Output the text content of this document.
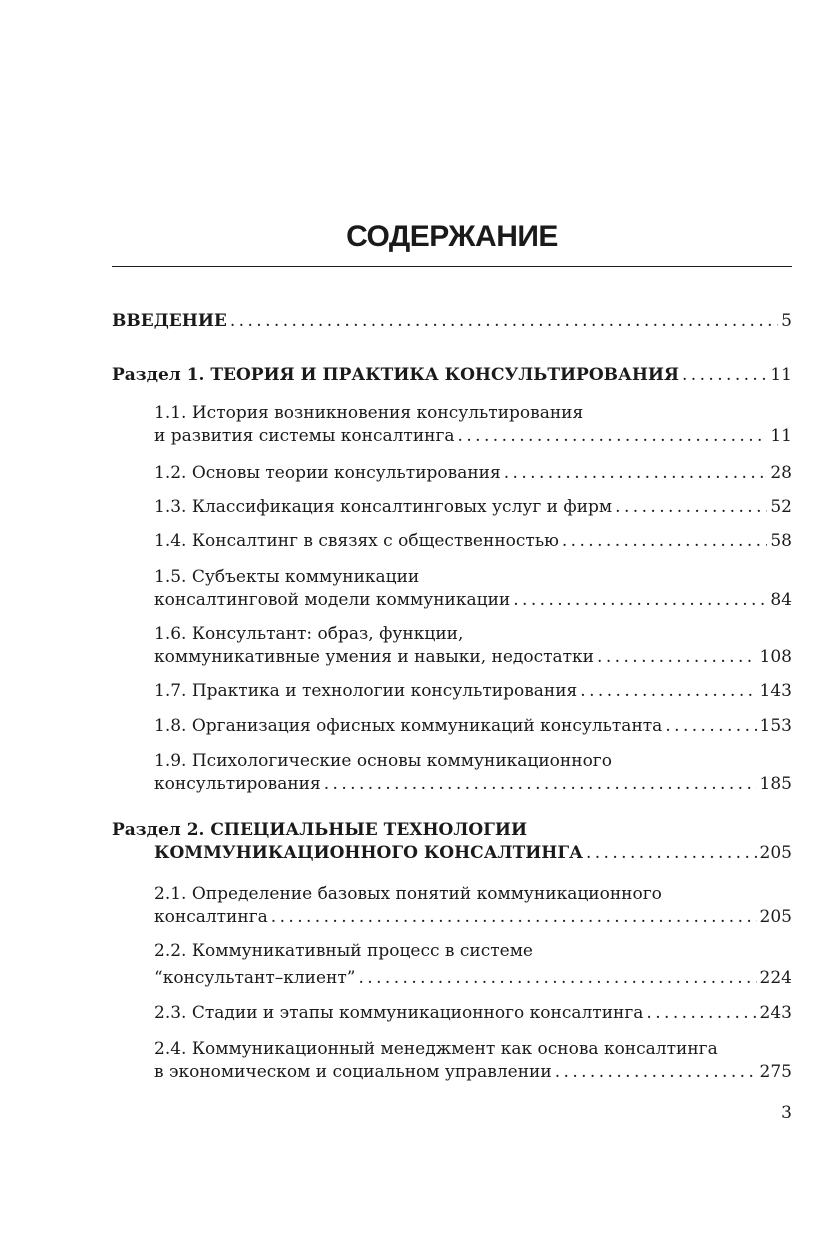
СОДЕРЖАНИЕ
ВВЕДЕНИЕ . . .	5
Раздел 1. ТЕОРИЯ И ПРАКТИКА КОНСУЛЬТИРОВАНИЯ . . .	11
1.1. История возникновения консультирования
и развития системы консалтинга . . .	11
1.2. Основы теории консультирования . . .	28
1.3. Классификация консалтинговых услуг и фирм . . .	52
1.4. Консалтинг в связях с общественностью . . .	58
1.5. Субъекты коммуникации
консалтинговой модели коммуникации . . .	84
1.6. Консультант: образ, функции,
коммуникативные умения и навыки, недостатки . . .	108
1.7. Практика и технологии консультирования . . .	143
1.8. Организация офисных коммуникаций консультанта . . .	153
1.9. Психологические основы коммуникационного
консультирования . . .	185
Раздел 2. СПЕЦИАЛЬНЫЕ ТЕХНОЛОГИИ
КОММУНИКАЦИОННОГО КОНСАЛТИНГА . . .	205
2.1. Определение базовых понятий коммуникационного
консалтинга . . .	205
2.2. Коммуникативный процесс в системе
“консультант–клиент” . . .	224
2.3. Стадии и этапы коммуникационного консалтинга . . .	243
2.4. Коммуникационный менеджмент как основа консалтинга
в экономическом и социальном управлении . . .	275
3
